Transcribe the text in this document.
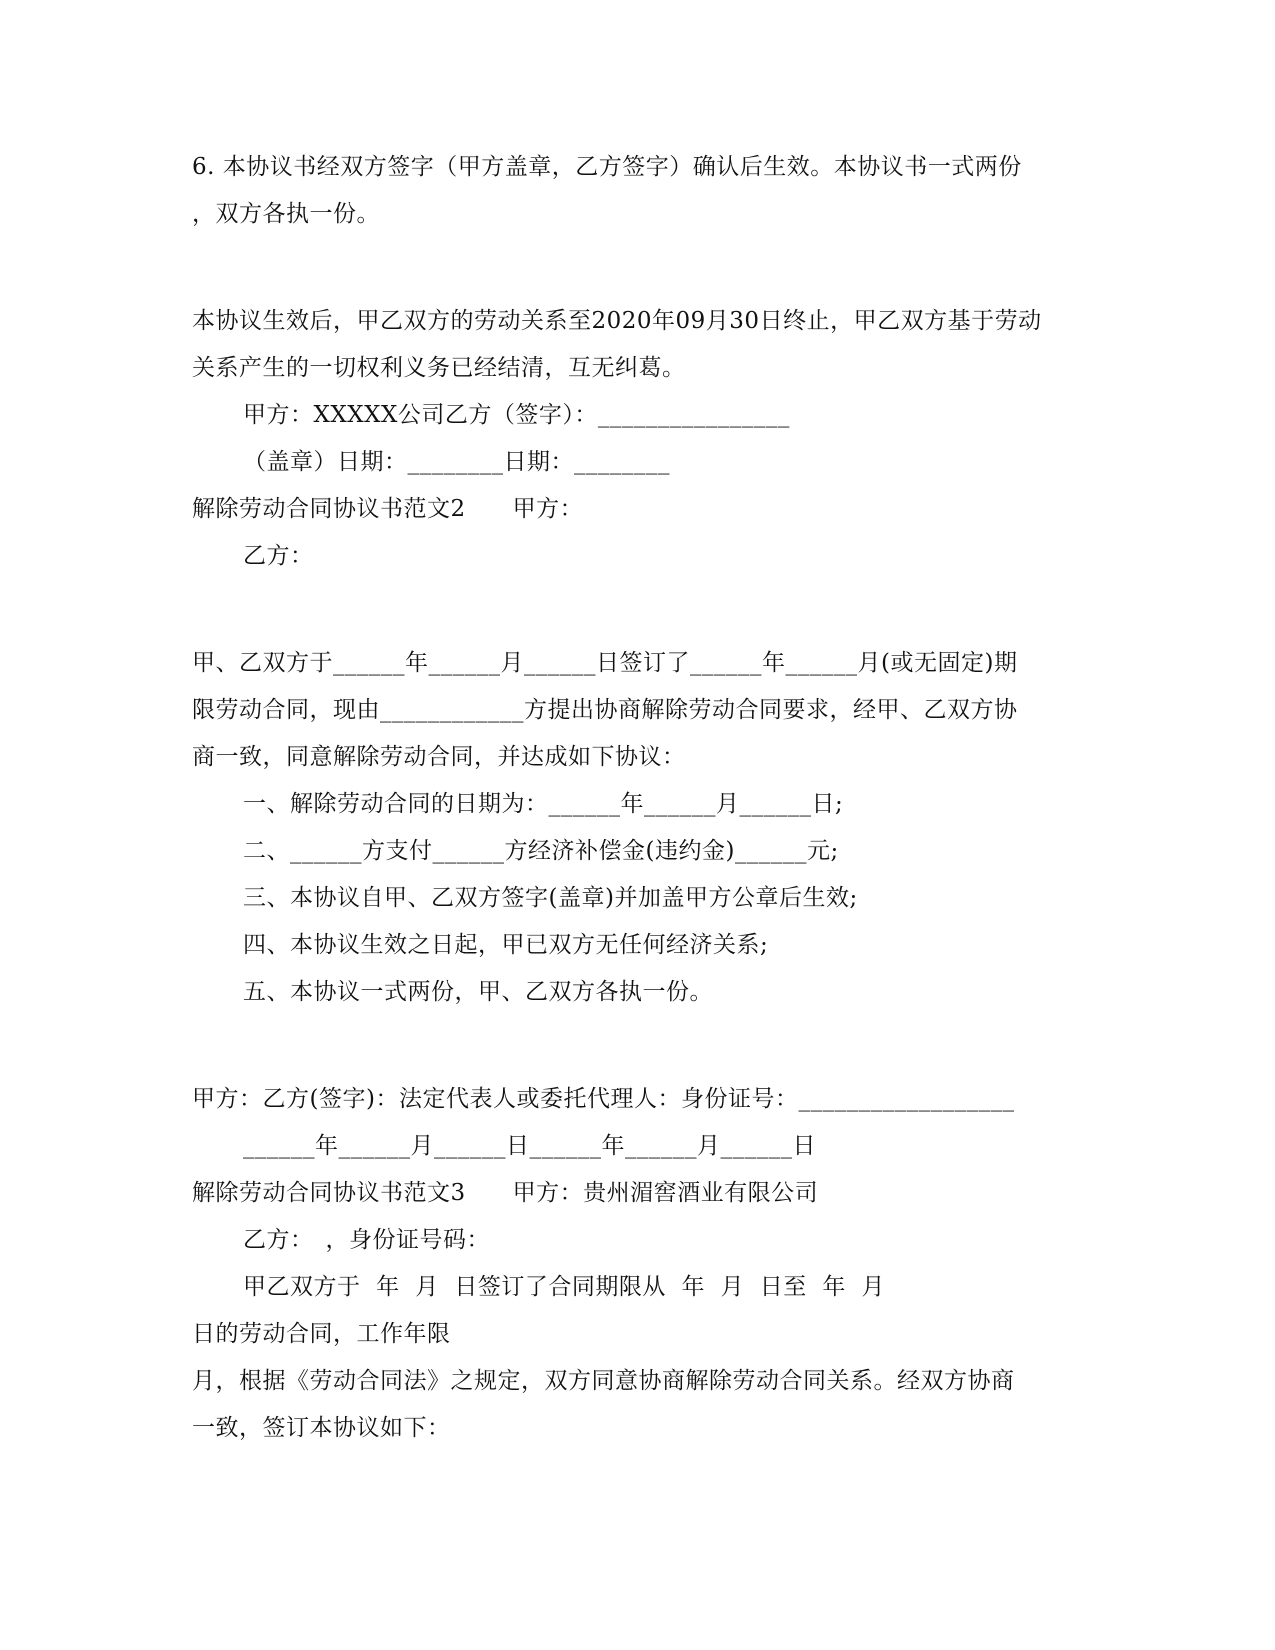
6. 本协议书经双方签字（甲方盖章，乙方签字）确认后生效。本协议书一式两份
，双方各执一份。
本协议生效后，甲乙双方的劳动关系至2020年09月30日终止，甲乙双方基于劳动
关系产生的一切权利义务已经结清，互无纠葛。
甲方：XXXXX公司乙方（签字）：________________
（盖章）日期：________日期：________
解除劳动合同协议书范文2　　甲方：
乙方：
甲、乙双方于______年______月______日签订了______年______月(或无固定)期
限劳动合同，现由____________方提出协商解除劳动合同要求，经甲、乙双方协
商一致，同意解除劳动合同，并达成如下协议：
一、解除劳动合同的日期为：______年______月______日;
二、______方支付______方经济补偿金(违约金)______元;
三、本协议自甲、乙双方签字(盖章)并加盖甲方公章后生效;
四、本协议生效之日起，甲已双方无任何经济关系;
五、本协议一式两份，甲、乙双方各执一份。
甲方：乙方(签字)：法定代表人或委托代理人：身份证号：__________________
______年______月______日______年______月______日
解除劳动合同协议书范文3　　甲方：贵州湄窖酒业有限公司
乙方：　，身份证号码：
甲乙双方于  年  月  日签订了合同期限从  年  月  日至  年  月
日的劳动合同，工作年限
月，根据《劳动合同法》之规定，双方同意协商解除劳动合同关系。经双方协商
一致，签订本协议如下：
